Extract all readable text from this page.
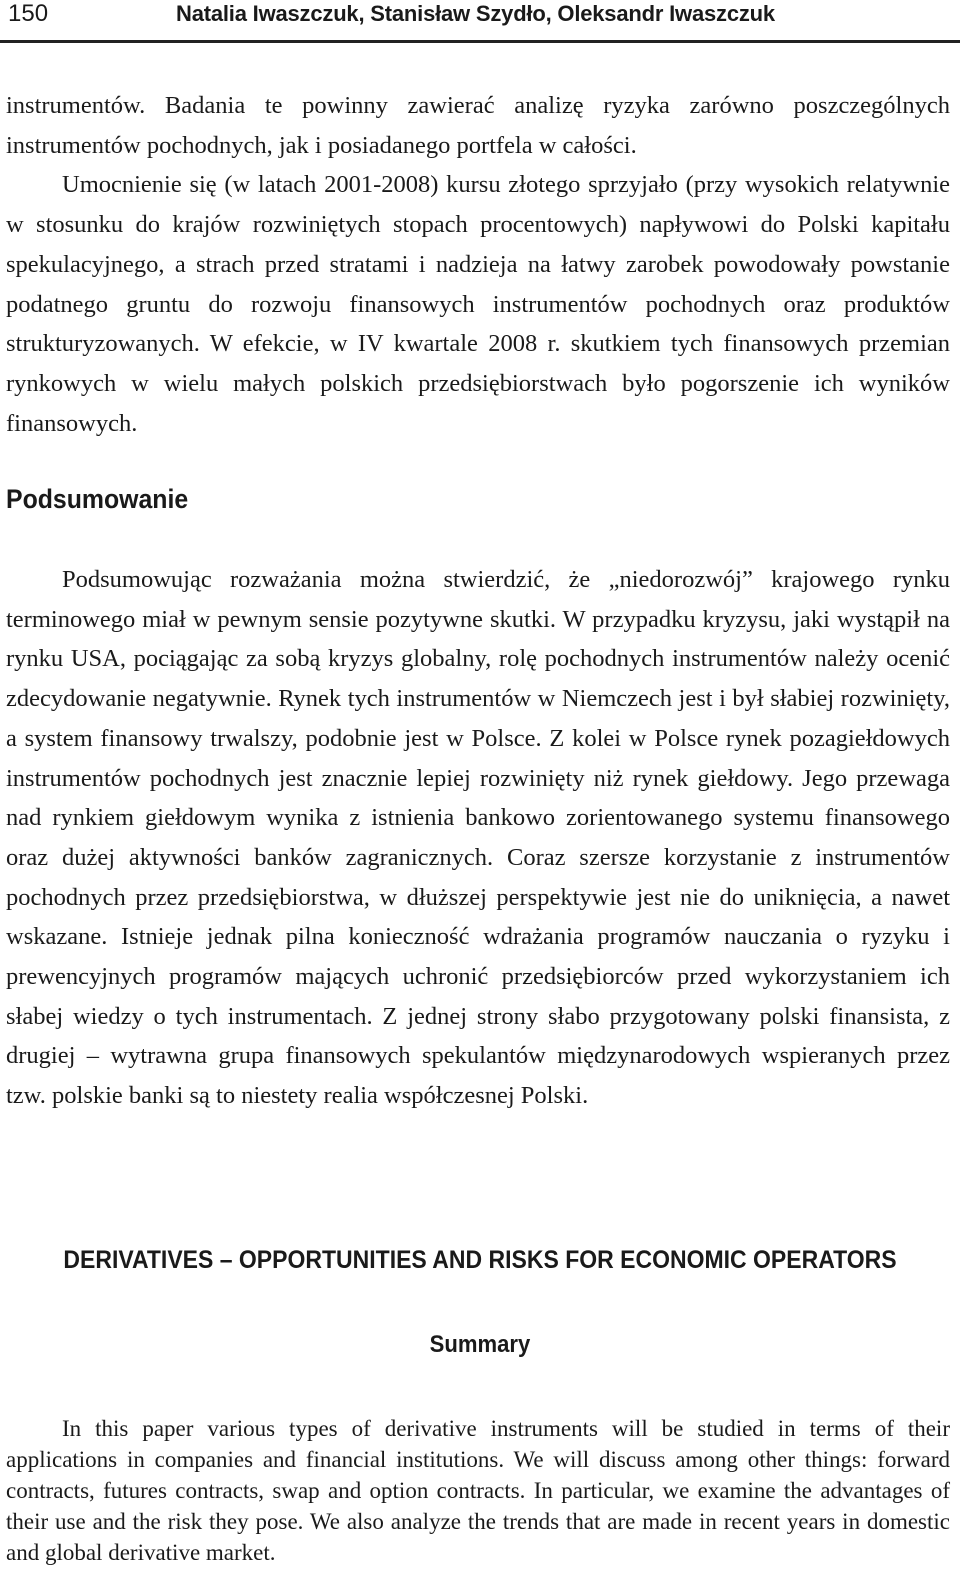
150	Natalia Iwaszczuk, Stanisław Szydło, Oleksandr Iwaszczuk
instrumentów. Badania te powinny zawierać analizę ryzyka zarówno poszczególnych instrumentów pochodnych, jak i posiadanego portfela w całości.
Umocnienie się (w latach 2001-2008) kursu złotego sprzyjało (przy wysokich relatywnie w stosunku do krajów rozwiniętych stopach procentowych) napływowi do Polski kapitału spekulacyjnego, a strach przed stratami i nadzieja na łatwy zarobek powodowały powstanie podatnego gruntu do rozwoju finansowych instrumentów pochodnych oraz produktów strukturyzowanych. W efekcie, w IV kwartale 2008 r. skutkiem tych finansowych przemian rynkowych w wielu małych polskich przedsiębiorstwach było pogorszenie ich wyników finansowych.
Podsumowanie

Podsumowując rozważania można stwierdzić, że „niedorozwój” krajowego rynku terminowego miał w pewnym sensie pozytywne skutki. W przypadku kryzysu, jaki wystąpił na rynku USA, pociągając za sobą kryzys globalny, rolę pochodnych instrumentów należy ocenić zdecydowanie negatywnie. Rynek tych instrumentów w Niemczech jest i był słabiej rozwinięty, a system finansowy trwalszy, podobnie jest w Polsce. Z kolei w Polsce rynek pozagiełdowych instrumentów pochodnych jest znacznie lepiej rozwinięty niż rynek giełdowy. Jego przewaga nad rynkiem giełdowym wynika z istnienia bankowo zorientowanego systemu finansowego oraz dużej aktywności banków zagranicznych. Coraz szersze korzystanie z instrumentów pochodnych przez przedsiębiorstwa, w dłuższej perspektywie jest nie do uniknięcia, a nawet wskazane. Istnieje jednak pilna konieczność wdrażania programów nauczania o ryzyku i prewencyjnych programów mających uchronić przedsiębiorców przed wykorzystaniem ich słabej wiedzy o tych instrumentach. Z jednej strony słabo przygotowany polski finansista, z drugiej – wytrawna grupa finansowych spekulantów międzynarodowych wspieranych przez tzw. polskie banki są to niestety realia współczesnej Polski.

DERIVATIVES – OPPORTUNITIES AND RISKS FOR ECONOMIC OPERATORS
Summary

In this paper various types of derivative instruments will be studied in terms of their applications in companies and financial institutions. We will discuss among other things: forward contracts, futures contracts, swap and option contracts. In particular, we examine the advantages of their use and the risk they pose. We also analyze the trends that are made in recent years in domestic and global derivative market.
